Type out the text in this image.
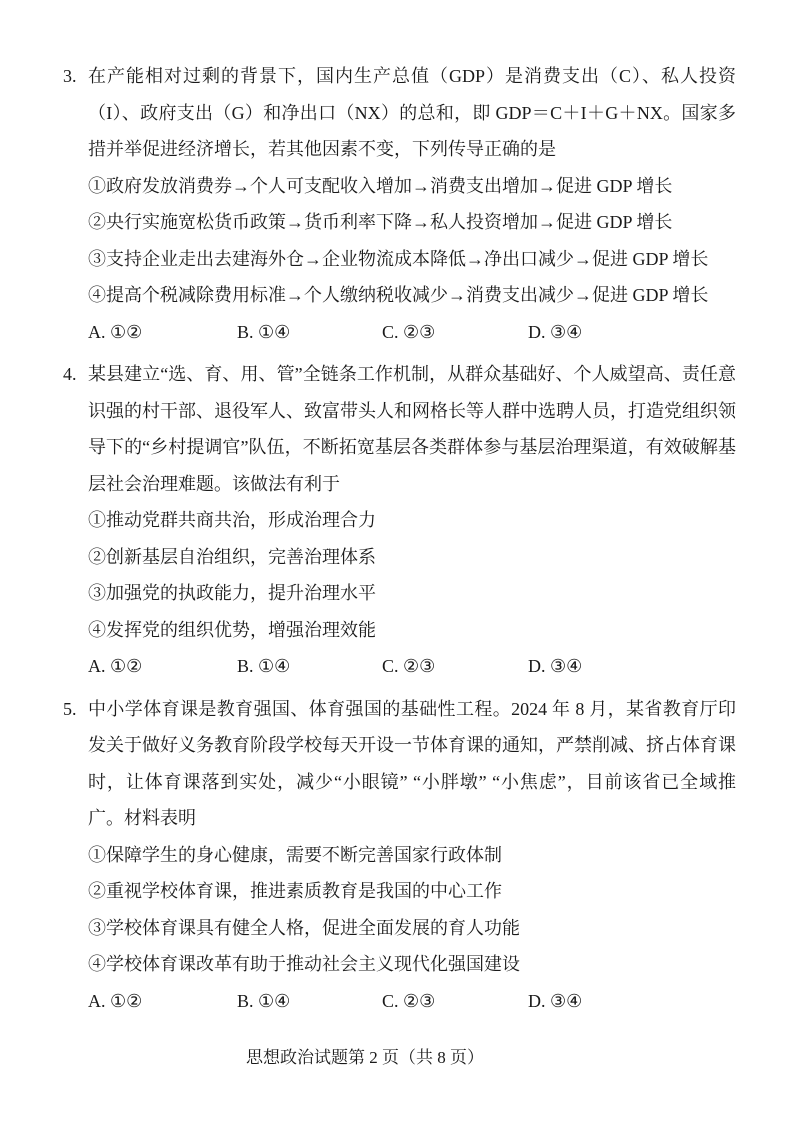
3. 在产能相对过剩的背景下，国内生产总值（GDP）是消费支出（C）、私人投资（I）、政府支出（G）和净出口（NX）的总和，即 GDP＝C＋I＋G＋NX。国家多措并举促进经济增长，若其他因素不变，下列传导正确的是

①政府发放消费券→个人可支配收入增加→消费支出增加→促进 GDP 增长

②央行实施宽松货币政策→货币利率下降→私人投资增加→促进 GDP 增长

③支持企业走出去建海外仓→企业物流成本降低→净出口减少→促进 GDP 增长

④提高个税减除费用标准→个人缴纳税收减少→消费支出减少→促进 GDP 增长

A. ①②	B. ①④	C. ②③	D. ③④
4. 某县建立“选、育、用、管”全链条工作机制，从群众基础好、个人威望高、责任意识强的村干部、退役军人、致富带头人和网格长等人群中选聘人员，打造党组织领导下的“乡村提调官”队伍，不断拓宽基层各类群体参与基层治理渠道，有效破解基层社会治理难题。该做法有利于

①推动党群共商共治，形成治理合力

②创新基层自治组织，完善治理体系

③加强党的执政能力，提升治理水平

④发挥党的组织优势，增强治理效能

A. ①②	B. ①④	C. ②③	D. ③④
5. 中小学体育课是教育强国、体育强国的基础性工程。2024 年 8 月，某省教育厅印发关于做好义务教育阶段学校每天开设一节体育课的通知，严禁削减、挤占体育课时，让体育课落到实处，减少“小眼镜” “小胖墩” “小焦虑”，目前该省已全域推广。材料表明

①保障学生的身心健康，需要不断完善国家行政体制

②重视学校体育课，推进素质教育是我国的中心工作

③学校体育课具有健全人格，促进全面发展的育人功能

④学校体育课改革有助于推动社会主义现代化强国建设

A. ①②	B. ①④	C. ②③	D. ③④
思想政治试题第 2 页（共 8 页）
